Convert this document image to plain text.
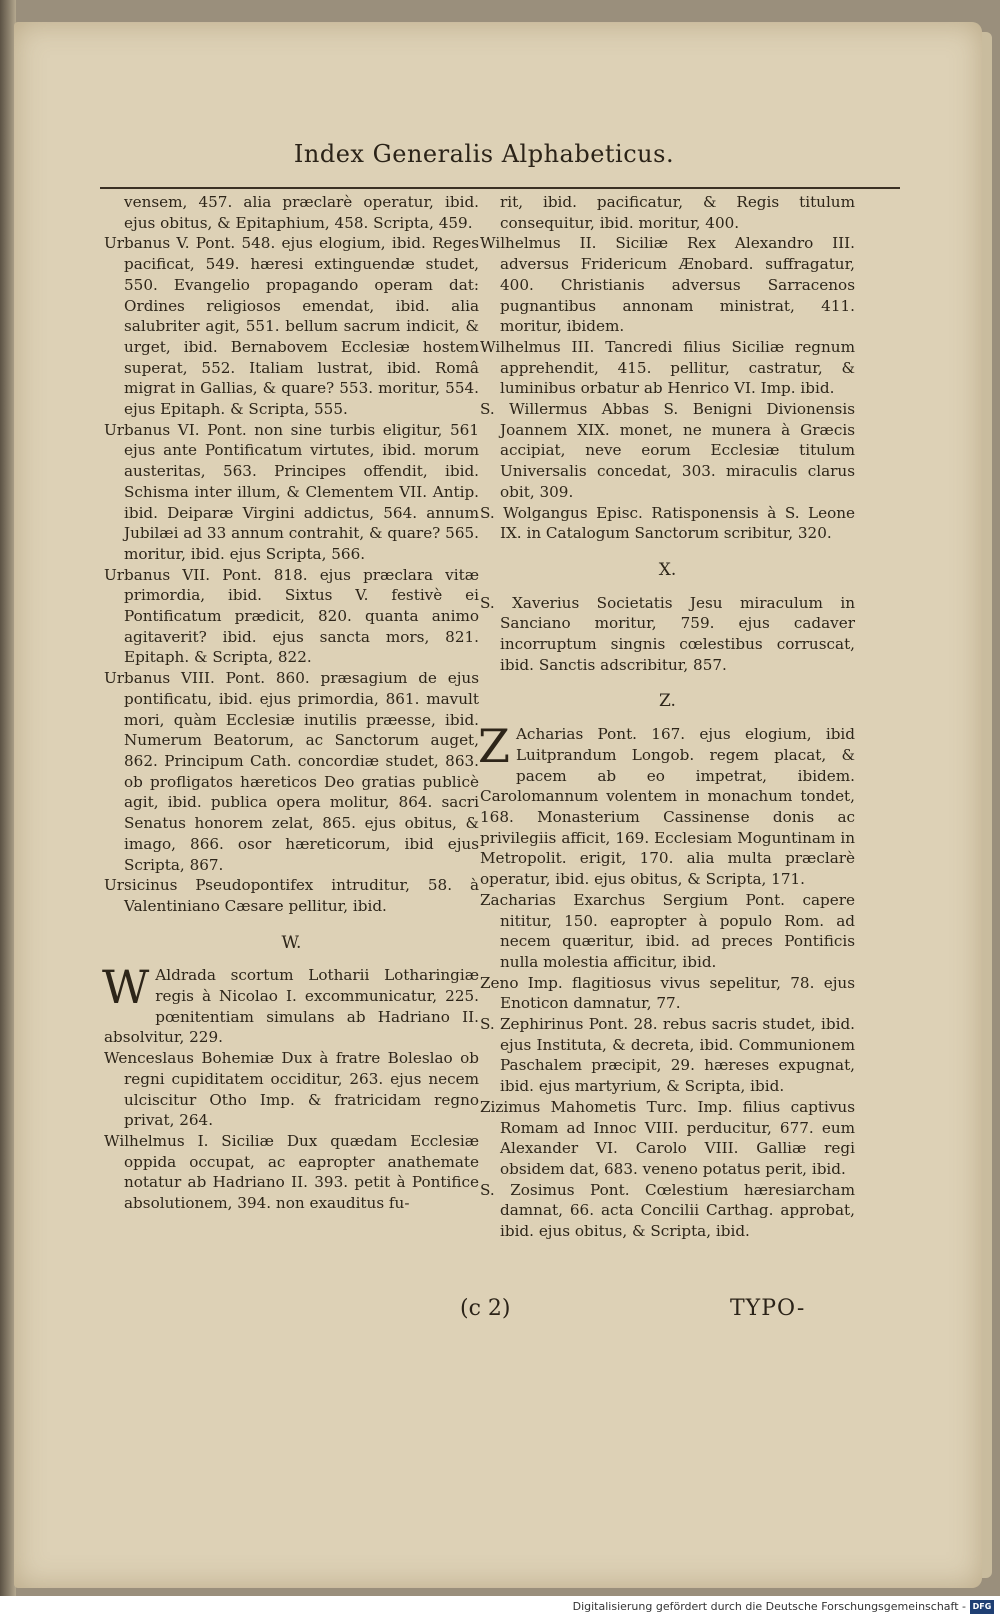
Index Generalis Alphabeticus.

vensem, 457. alia præclarè operatur, ibid. ejus obitus, & Epitaphium, 458. Scripta, 459.

Urbanus V. Pont. 548. ejus elogium, ibid. Reges pacificat, 549. hæresi extinguendæ studet, 550. Evangelio propagando operam dat: Ordines religiosos emendat, ibid. alia salubriter agit, 551. bellum sacrum indicit, & urget, ibid. Bernabovem Ecclesiæ hostem superat, 552. Italiam lustrat, ibid. Româ migrat in Gallias, & quare? 553. moritur, 554. ejus Epitaph. & Scripta, 555.

Urbanus VI. Pont. non sine turbis eligitur, 561 ejus ante Pontificatum virtutes, ibid. morum austeritas, 563. Principes offendit, ibid. Schisma inter illum, & Clementem VII. Antip. ibid. Deiparæ Virgini addictus, 564. annum Jubilæi ad 33 annum contrahit, & quare? 565. moritur, ibid. ejus Scripta, 566.

Urbanus VII. Pont. 818. ejus præclara vitæ primordia, ibid. Sixtus V. festivè ei Pontificatum prædicit, 820. quanta animo agitaverit? ibid. ejus sancta mors, 821. Epitaph. & Scripta, 822.

Urbanus VIII. Pont. 860. præsagium de ejus pontificatu, ibid. ejus primordia, 861. mavult mori, quàm Ecclesiæ inutilis præesse, ibid. Numerum Beatorum, ac Sanctorum auget, 862. Principum Cath. concordiæ studet, 863. ob profligatos hæreticos Deo gratias publicè agit, ibid. publica opera molitur, 864. sacri Senatus honorem zelat, 865. ejus obitus, & imago, 866. osor hæreticorum, ibid ejus Scripta, 867.

Ursicinus Pseudopontifex intruditur, 58. à Valentiniano Cæsare pellitur, ibid.

W.
W Aldrada scortum Lotharii Lotharingiæ regis à Nicolao I. excommunicatur, 225. pœnitentiam simulans ab Hadriano II. absolvitur, 229.

Wenceslaus Bohemiæ Dux à fratre Boleslao ob regni cupiditatem occiditur, 263. ejus necem ulciscitur Otho Imp. & fratricidam regno privat, 264.

Wilhelmus I. Siciliæ Dux quædam Ecclesiæ oppida occupat, ac eapropter anathemate notatur ab Hadriano II. 393. petit à Pontifice absolutionem, 394. non exauditus fu-

rit, ibid. pacificatur, & Regis titulum consequitur, ibid. moritur, 400.

Wilhelmus II. Siciliæ Rex Alexandro III. adversus Fridericum Ænobard. suffragatur, 400. Christianis adversus Sarracenos pugnantibus annonam ministrat, 411. moritur, ibidem.

Wilhelmus III. Tancredi filius Siciliæ regnum apprehendit, 415. pellitur, castratur, & luminibus orbatur ab Henrico VI. Imp. ibid.

S. Willermus Abbas S. Benigni Divionensis Joannem XIX. monet, ne munera à Græcis accipiat, neve eorum Ecclesiæ titulum Universalis concedat, 303. miraculis clarus obit, 309.

S. Wolgangus Episc. Ratisponensis à S. Leone IX. in Catalogum Sanctorum scribitur, 320.

X.

S. Xaverius Societatis Jesu miraculum in Sanciano moritur, 759. ejus cadaver incorruptum singnis cœlestibus corruscat, ibid. Sanctis adscribitur, 857.

Z.
Z Acharias Pont. 167. ejus elogium, ibid Luitprandum Longob. regem placat, & pacem ab eo impetrat, ibidem. Carolomannum volentem in monachum tondet, 168. Monasterium Cassinense donis ac privilegiis afficit, 169. Ecclesiam Moguntinam in Metropolit. erigit, 170. alia multa præclarè operatur, ibid. ejus obitus, & Scripta, 171.

Zacharias Exarchus Sergium Pont. capere nititur, 150. eapropter à populo Rom. ad necem quæritur, ibid. ad preces Pontificis nulla molestia afficitur, ibid.

Zeno Imp. flagitiosus vivus sepelitur, 78. ejus Enoticon damnatur, 77.

S. Zephirinus Pont. 28. rebus sacris studet, ibid. ejus Instituta, & decreta, ibid. Communionem Paschalem præcipit, 29. hæreses expugnat, ibid. ejus martyrium, & Scripta, ibid.

Zizimus Mahometis Turc. Imp. filius captivus Romam ad Innoc VIII. perducitur, 677. eum Alexander VI. Carolo VIII. Galliæ regi obsidem dat, 683. veneno potatus perit, ibid.

S. Zosimus Pont. Cœlestium hæresiarcham damnat, 66. acta Concilii Carthag. approbat, ibid. ejus obitus, & Scripta, ibid.

(c 2)	TYPO-
Digitalisierung gefördert durch die Deutsche Forschungsgemeinschaft - DFG
